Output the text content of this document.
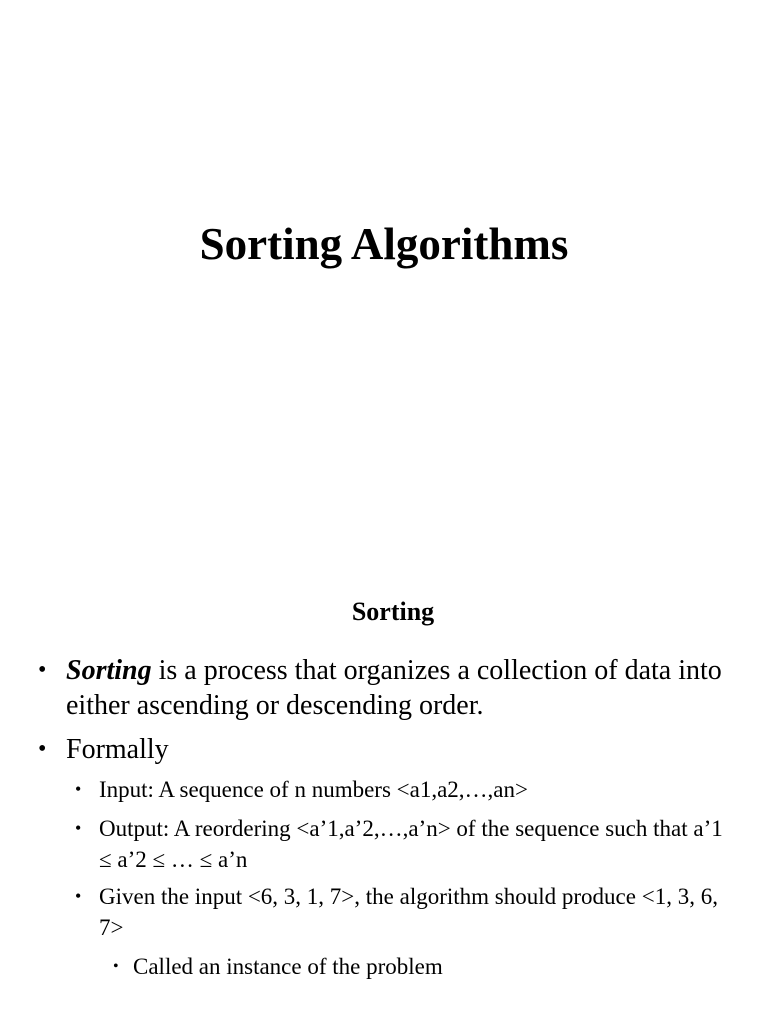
Sorting Algorithms
Sorting

• Sorting is a process that organizes a collection of data into either ascending or descending order.

• Formally

• Input: A sequence of n numbers <a1,a2,…,an>

• Output: A reordering <a’1,a’2,…,a’n> of the sequence such that a’1 ≤ a’2 ≤ … ≤ a’n

• Given the input <6, 3, 1, 7>, the algorithm should produce <1, 3, 6, 7>

• Called an instance of the problem
